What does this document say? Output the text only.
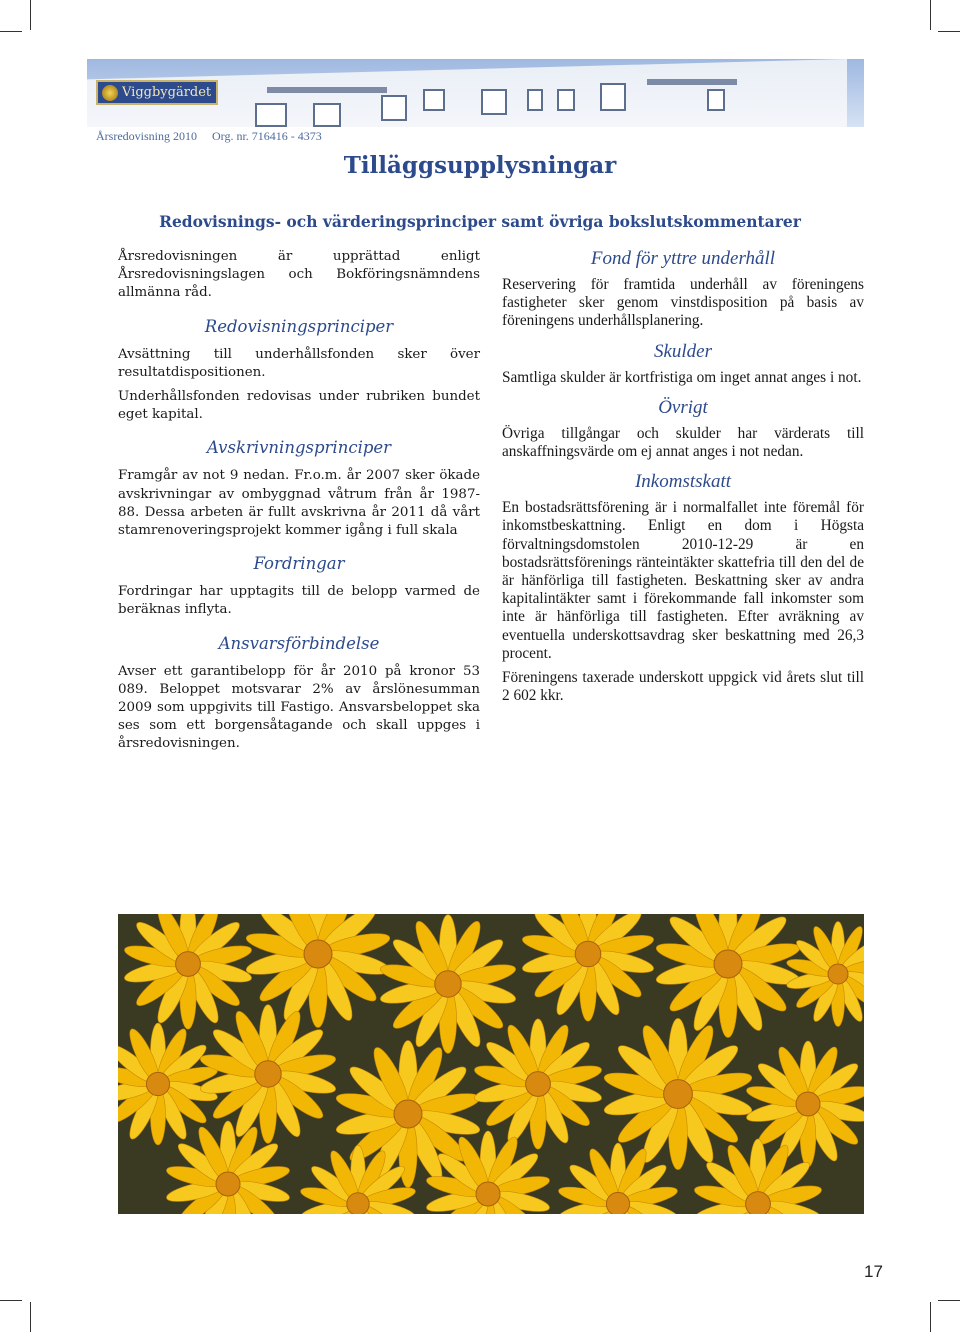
Viggbygärdet
Årsredovisning 2010 Org. nr. 716416 - 4373
Tilläggsupplysningar
Redovisnings- och värderingsprinciper samt övriga bokslutskommentarer

Årsredovisningen är upprättad enligt Årsredovisningslagen och Bokföringsnämndens allmänna råd.

Redovisningsprinciper

Avsättning till underhållsfonden sker över resultatdispositionen.

Underhållsfonden redovisas under rubriken bundet eget kapital.

Avskrivningsprinciper

Framgår av not 9 nedan. Fr.o.m. år 2007 sker ökade avskrivningar av ombyggnad våtrum från år 1987-88. Dessa arbeten är fullt avskrivna år 2011 då vårt stamrenoveringsprojekt kommer igång i full skala

Fordringar

Fordringar har upptagits till de belopp varmed de beräknas inflyta.

Ansvarsförbindelse

Avser ett garantibelopp för år 2010 på kronor 53 089. Beloppet motsvarar 2% av årslönesumman 2009 som uppgivits till Fastigo. Ansvarsbeloppet ska ses som ett borgensåtagande och skall uppges i årsredovisningen.

Fond för yttre underhåll

Reservering för framtida underhåll av föreningens fastigheter sker genom vinstdisposition på basis av föreningens underhållsplanering.

Skulder

Samtliga skulder är kortfristiga om inget annat anges i not.

Övrigt

Övriga tillgångar och skulder har värderats till anskaffningsvärde om ej annat anges i not nedan.

Inkomstskatt

En bostadsrättsförening är i normalfallet inte föremål för inkomstbeskattning. Enligt en dom i Högsta förvaltningsdomstolen 2010-12-29 är en bostadsrättsförenings ränteintäkter skattefria till den del de är hänförliga till fastigheten. Beskattning sker av andra kapitalintäkter samt i förekommande fall inkomster som inte är hänförliga till fastigheten. Efter avräkning av eventuella underskottsavdrag sker beskattning med 26,3 procent.

Föreningens taxerade underskott uppgick vid årets slut till 2 602 kkr.

17
